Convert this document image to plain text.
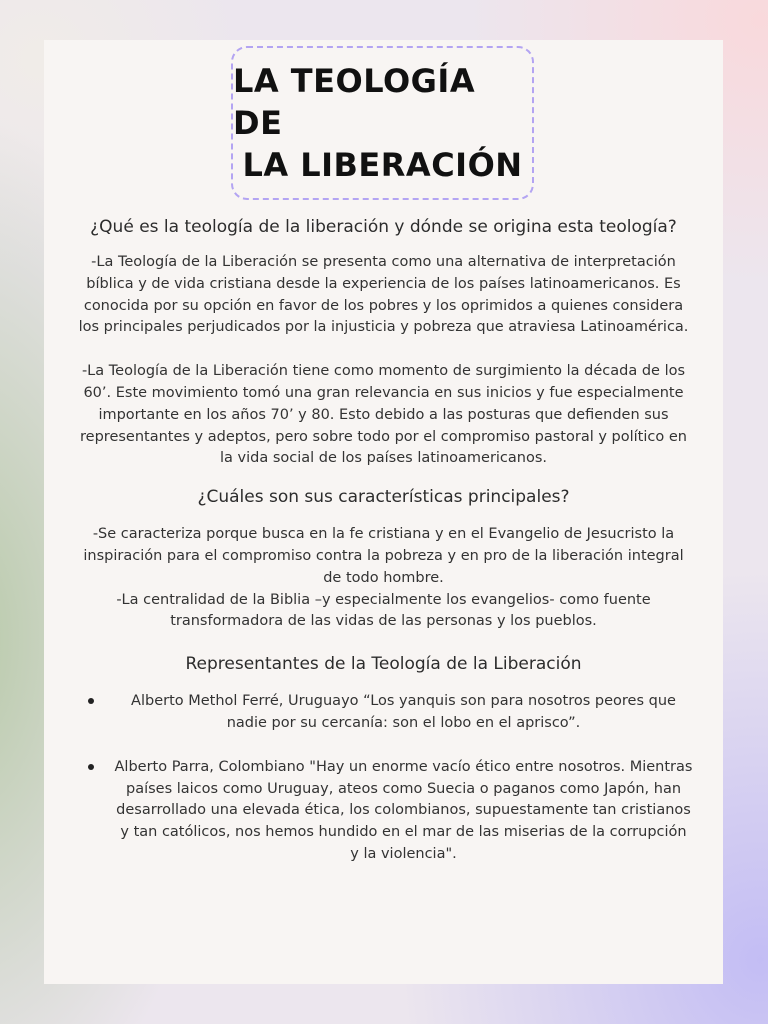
LA TEOLOGÍA DE
LA LIBERACIÓN

¿Qué es la teología de la liberación y dónde se origina esta teología?

-La Teología de la Liberación se presenta como una alternativa de interpretación bíblica y de vida cristiana desde la experiencia de los países latinoamericanos. Es conocida por su opción en favor de los pobres y los oprimidos a quienes considera los principales perjudicados por la injusticia y pobreza que atraviesa Latinoamérica.

-La Teología de la Liberación tiene como momento de surgimiento la década de los 60’. Este movimiento tomó una gran relevancia en sus inicios y fue especialmente importante en los años 70’ y 80. Esto debido a las posturas que defienden sus representantes y adeptos, pero sobre todo por el compromiso pastoral y político en la vida social de los países latinoamericanos.

¿Cuáles son sus características principales?

-Se caracteriza porque busca en la fe cristiana y en el Evangelio de Jesucristo la inspiración para el compromiso contra la pobreza y en pro de la liberación integral de todo hombre.

-La centralidad de la Biblia –y especialmente los evangelios- como fuente transformadora de las vidas de las personas y los pueblos.

Representantes de la Teología de la Liberación

Alberto Methol Ferré, Uruguayo “Los yanquis son para nosotros peores que nadie por su cercanía: son el lobo en el aprisco”.
Alberto Parra, Colombiano "Hay un enorme vacío ético entre nosotros. Mientras países laicos como Uruguay, ateos como Suecia o paganos como Japón, han desarrollado una elevada ética, los colombianos, supuestamente tan cristianos y tan católicos, nos hemos hundido en el mar de las miserias de la corrupción y la violencia".
